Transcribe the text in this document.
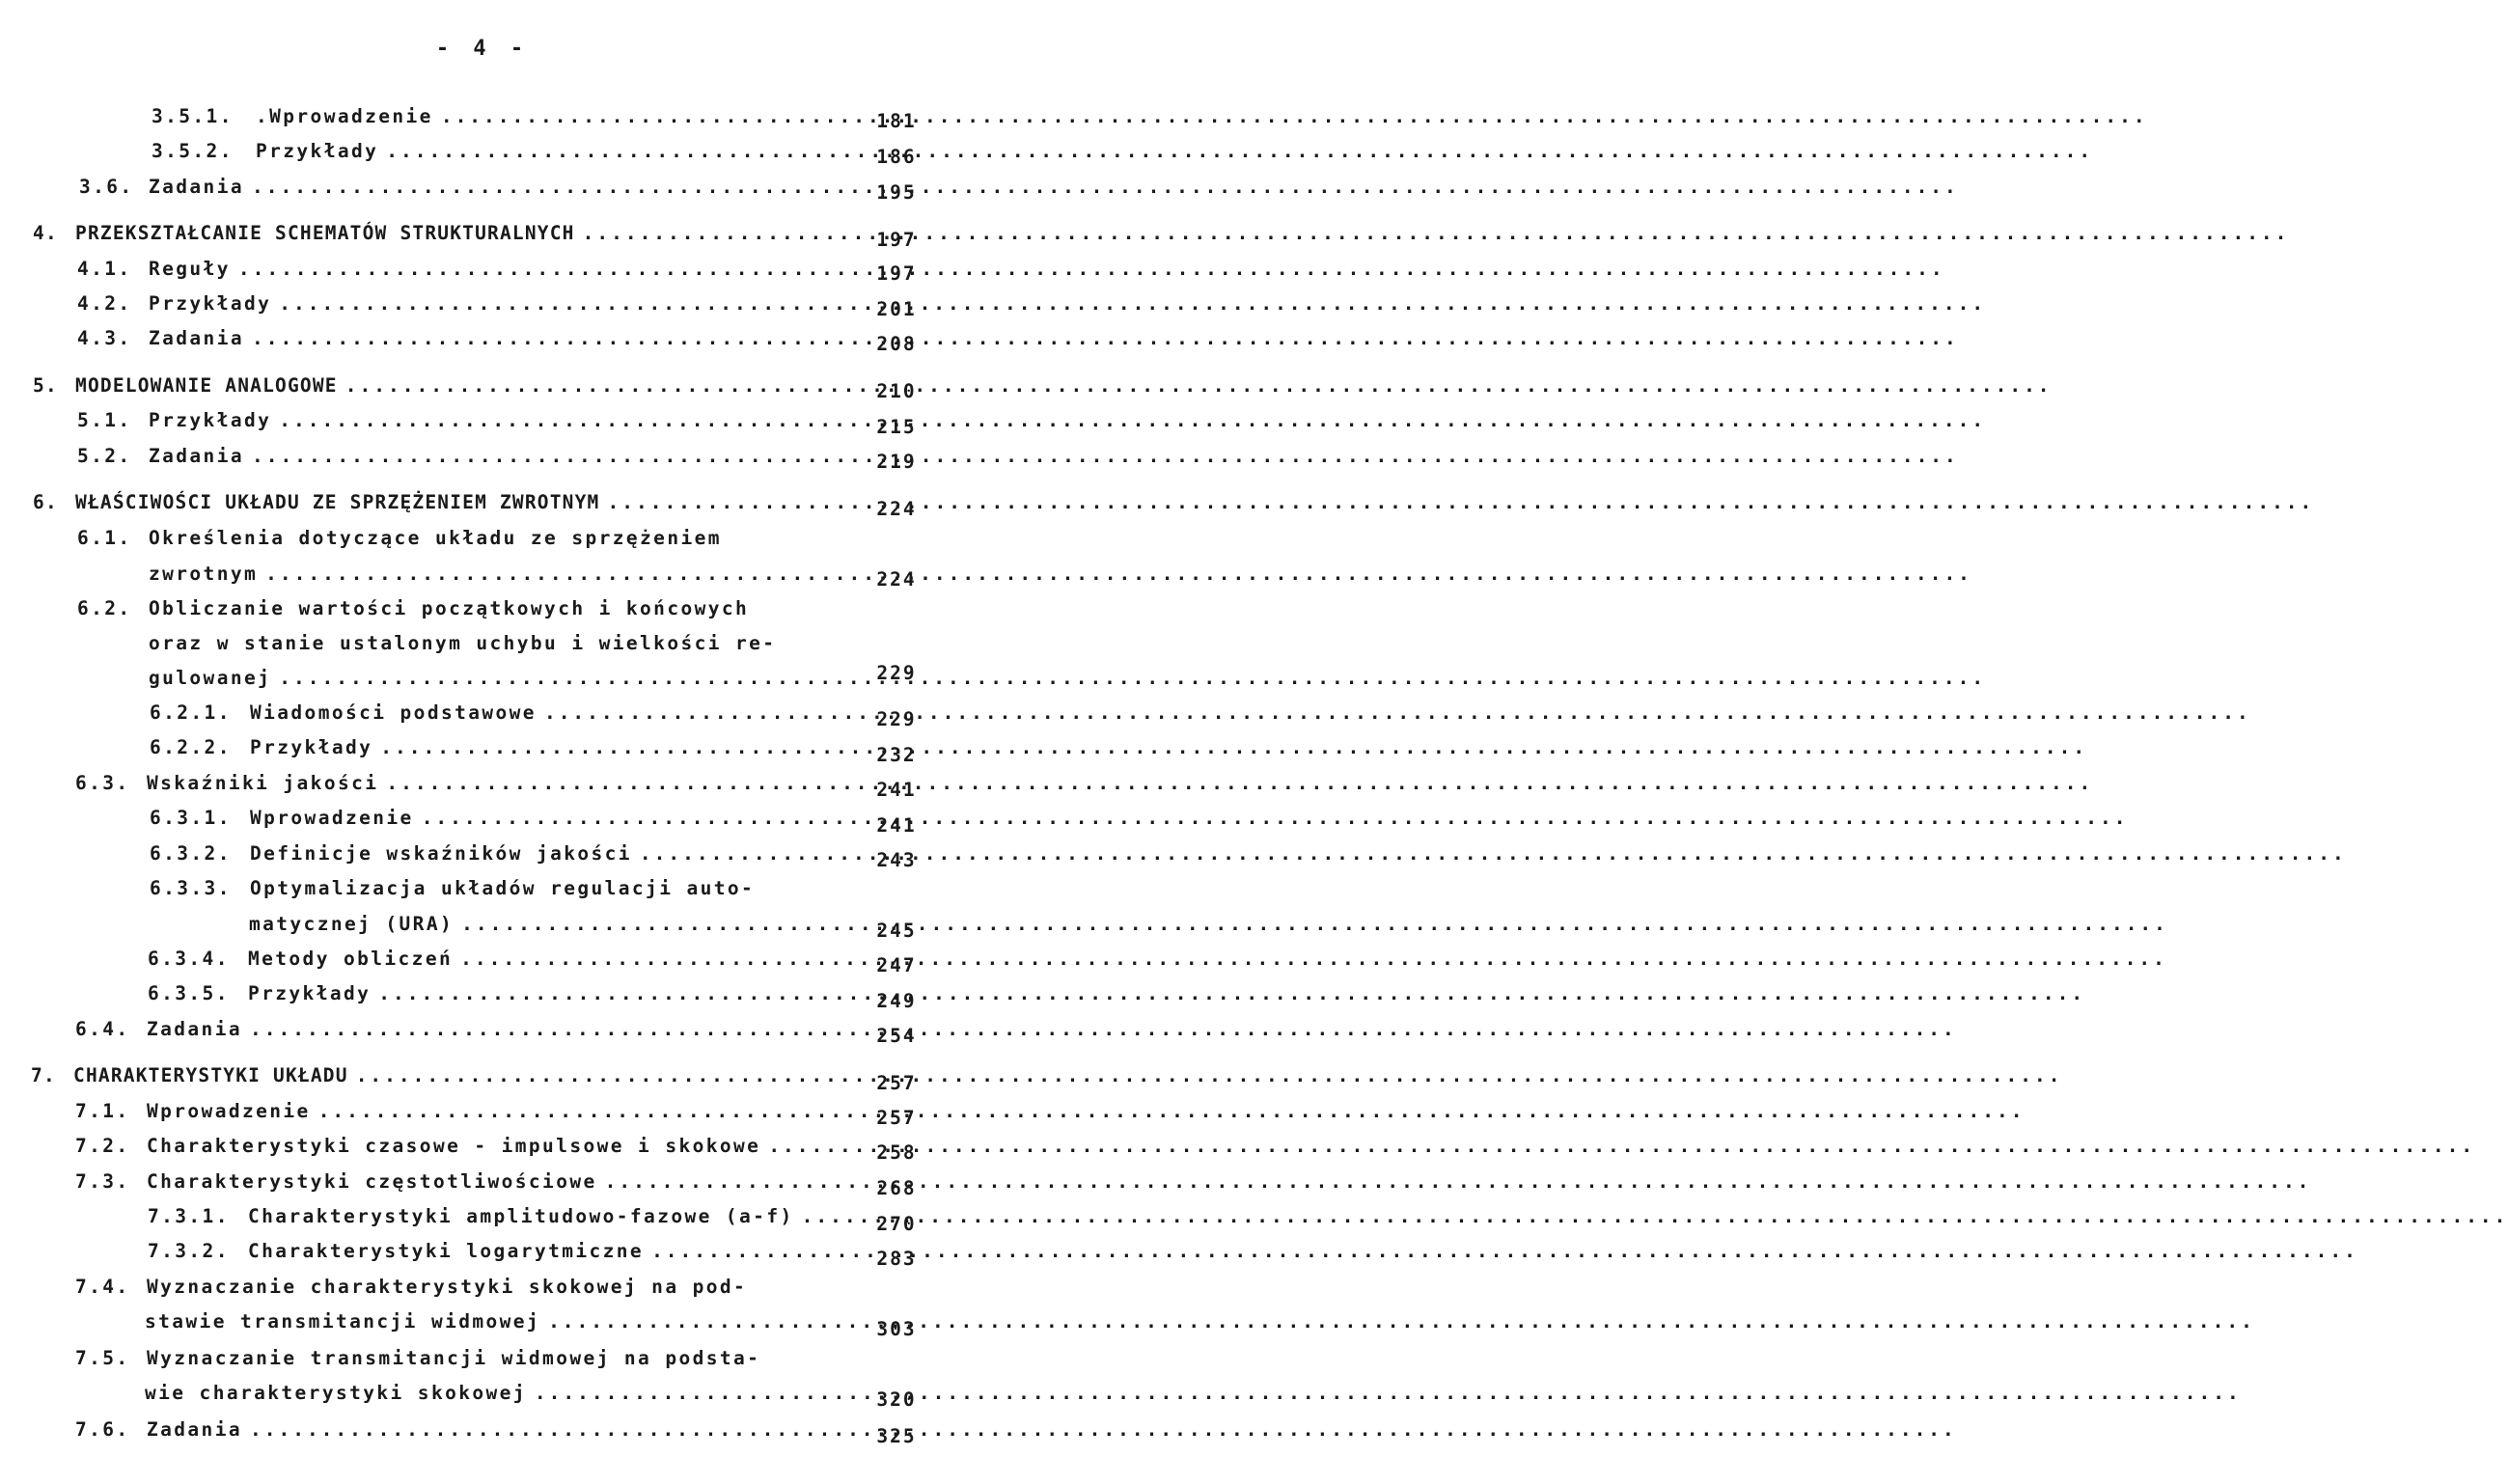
- 4 -
3.5.1.	.Wprowadzenie .....	181
3.5.2.	Przykłady .....	186
3.6. Zadania .....	195
4. PRZEKSZTAŁCANIE SCHEMATÓW STRUKTURALNYCH .....	197
4.1. Reguły .....	197
4.2. Przykłady .....	201
4.3. Zadania .....	208
5. MODELOWANIE ANALOGOWE .....	210
5.1. Przykłady .....	215
5.2. Zadania .....	219
6. WŁAŚCIWOŚCI UKŁADU ZE SPRZĘŻENIEM ZWROTNYM .....	224
6.1. Określenia dotyczące układu ze sprzężeniem
zwrotnym .....	224
6.2. Obliczanie wartości początkowych i końcowych
oraz w stanie ustalonym uchybu i wielkości re-
gulowanej .....	229
6.2.1. Wiadomości podstawowe .....	229
6.2.2. Przykłady .....	232
6.3. Wskaźniki jakości .....	241
6.3.1. Wprowadzenie .....	241
6.3.2. Definicje wskaźników jakości .....	243
6.3.3. Optymalizacja układów regulacji auto-
matycznej (URA) .....	245
6.3.4. Metody obliczeń .....	247
6.3.5. Przykłady .....	249
6.4. Zadania .....	254
7. CHARAKTERYSTYKI UKŁADU .....	257
7.1. Wprowadzenie .....	257
7.2. Charakterystyki czasowe - impulsowe i skokowe .....	258
7.3. Charakterystyki częstotliwościowe .....	268
7.3.1. Charakterystyki amplitudowo-fazowe (a-f) .....	270
7.3.2. Charakterystyki logarytmiczne .....	283
7.4. Wyznaczanie charakterystyki skokowej na pod-
stawie transmitancji widmowej .....	303
7.5. Wyznaczanie transmitancji widmowej na podsta-
wie charakterystyki skokowej .....	320
7.6. Zadania .....	325
